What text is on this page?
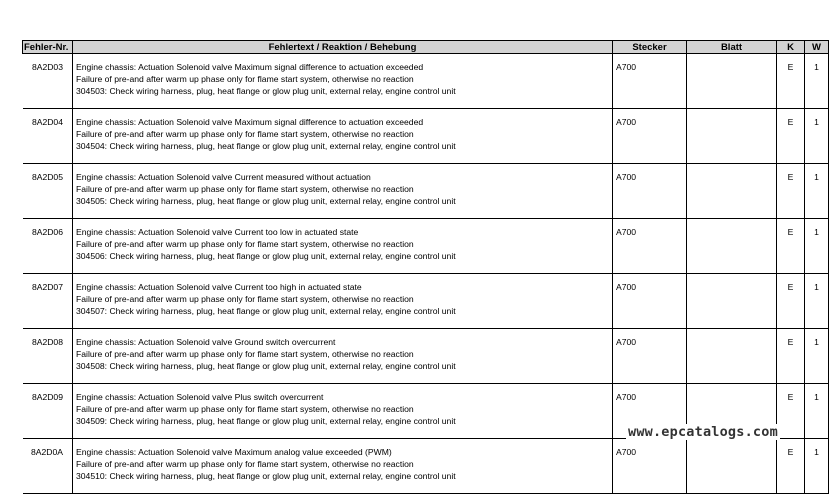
Fehler-Nr.	Fehlertext / Reaktion / Behebung	Stecker	Blatt	K	W
8A2D03	Engine chassis: Actuation Solenoid valve Maximum signal difference to actuation exceeded
Failure of pre-and after warm up phase only for flame start system, otherwise no reaction
304503: Check wiring harness, plug, heat flange or glow plug unit, external relay, engine control unit	A700		E	1
8A2D04	Engine chassis: Actuation Solenoid valve Maximum signal difference to actuation exceeded
Failure of pre-and after warm up phase only for flame start system, otherwise no reaction
304504: Check wiring harness, plug, heat flange or glow plug unit, external relay, engine control unit	A700		E	1
8A2D05	Engine chassis: Actuation Solenoid valve Current measured without actuation
Failure of pre-and after warm up phase only for flame start system, otherwise no reaction
304505: Check wiring harness, plug, heat flange or glow plug unit, external relay, engine control unit	A700		E	1
8A2D06	Engine chassis: Actuation Solenoid valve Current too low in actuated state
Failure of pre-and after warm up phase only for flame start system, otherwise no reaction
304506: Check wiring harness, plug, heat flange or glow plug unit, external relay, engine control unit	A700		E	1
8A2D07	Engine chassis: Actuation Solenoid valve Current too high in actuated state
Failure of pre-and after warm up phase only for flame start system, otherwise no reaction
304507: Check wiring harness, plug, heat flange or glow plug unit, external relay, engine control unit	A700		E	1
8A2D08	Engine chassis: Actuation Solenoid valve Ground switch overcurrent
Failure of pre-and after warm up phase only for flame start system, otherwise no reaction
304508: Check wiring harness, plug, heat flange or glow plug unit, external relay, engine control unit	A700		E	1
8A2D09	Engine chassis: Actuation Solenoid valve Plus switch overcurrent
Failure of pre-and after warm up phase only for flame start system, otherwise no reaction
304509: Check wiring harness, plug, heat flange or glow plug unit, external relay, engine control unit	A700		E	1
8A2D0A	Engine chassis: Actuation Solenoid valve Maximum analog value exceeded (PWM)
Failure of pre-and after warm up phase only for flame start system, otherwise no reaction
304510: Check wiring harness, plug, heat flange or glow plug unit, external relay, engine control unit	A700		E	1
www.epcatalogs.com
